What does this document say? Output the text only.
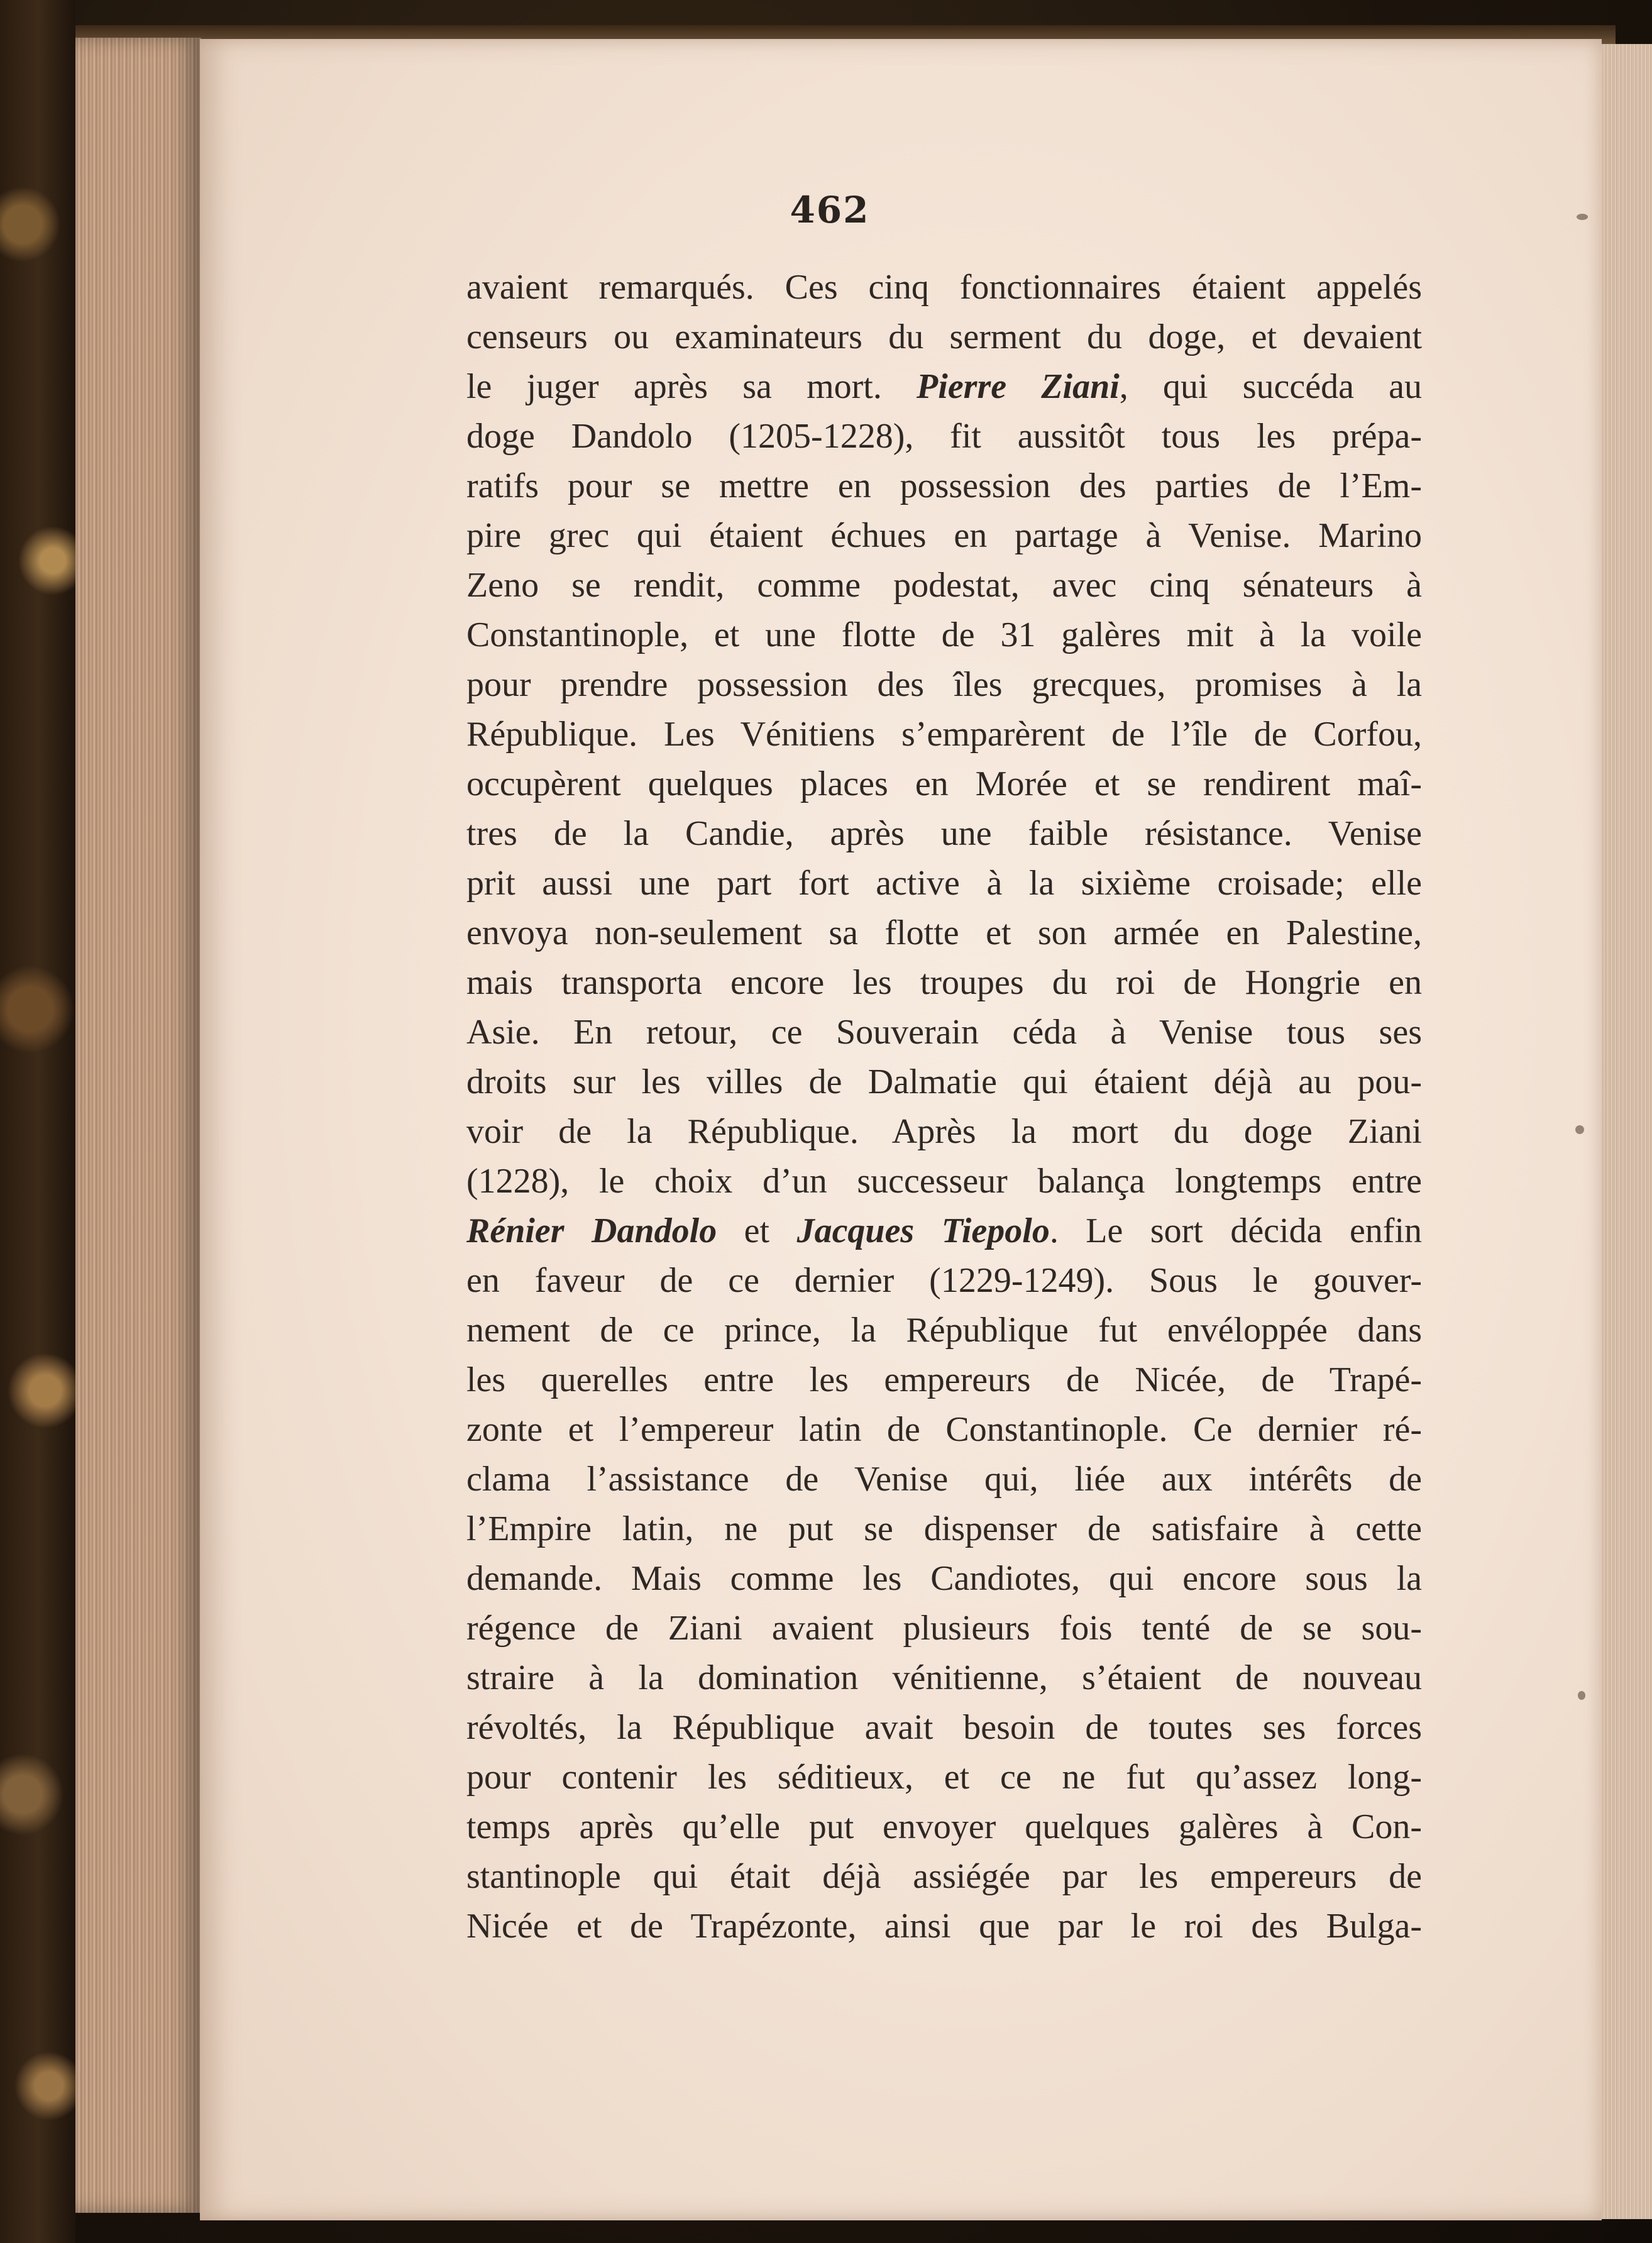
462
avaient remarqués. Ces cinq fonctionnaires étaient appelés
censeurs ou examinateurs du serment du doge, et devaient
le juger après sa mort. Pierre Ziani, qui succéda au
doge Dandolo (1205-1228), fit aussitôt tous les prépa-
ratifs pour se mettre en possession des parties de l’Em-
pire grec qui étaient échues en partage à Venise. Marino
Zeno se rendit, comme podestat, avec cinq sénateurs à
Constantinople, et une flotte de 31 galères mit à la voile
pour prendre possession des îles grecques, promises à la
République. Les Vénitiens s’emparèrent de l’île de Corfou,
occupèrent quelques places en Morée et se rendirent maî-
tres de la Candie, après une faible résistance. Venise
prit aussi une part fort active à la sixième croisade; elle
envoya non-seulement sa flotte et son armée en Palestine,
mais transporta encore les troupes du roi de Hongrie en
Asie. En retour, ce Souverain céda à Venise tous ses
droits sur les villes de Dalmatie qui étaient déjà au pou-
voir de la République. Après la mort du doge Ziani
(1228), le choix d’un successeur balança longtemps entre
Rénier Dandolo et Jacques Tiepolo. Le sort décida enfin
en faveur de ce dernier (1229-1249). Sous le gouver-
nement de ce prince, la République fut envéloppée dans
les querelles entre les empereurs de Nicée, de Trapé-
zonte et l’empereur latin de Constantinople. Ce dernier ré-
clama l’assistance de Venise qui, liée aux intérêts de
l’Empire latin, ne put se dispenser de satisfaire à cette
demande. Mais comme les Candiotes, qui encore sous la
régence de Ziani avaient plusieurs fois tenté de se sou-
straire à la domination vénitienne, s’étaient de nouveau
révoltés, la République avait besoin de toutes ses forces
pour contenir les séditieux, et ce ne fut qu’assez long-
temps après qu’elle put envoyer quelques galères à Con-
stantinople qui était déjà assiégée par les empereurs de
Nicée et de Trapézonte, ainsi que par le roi des Bulga-
